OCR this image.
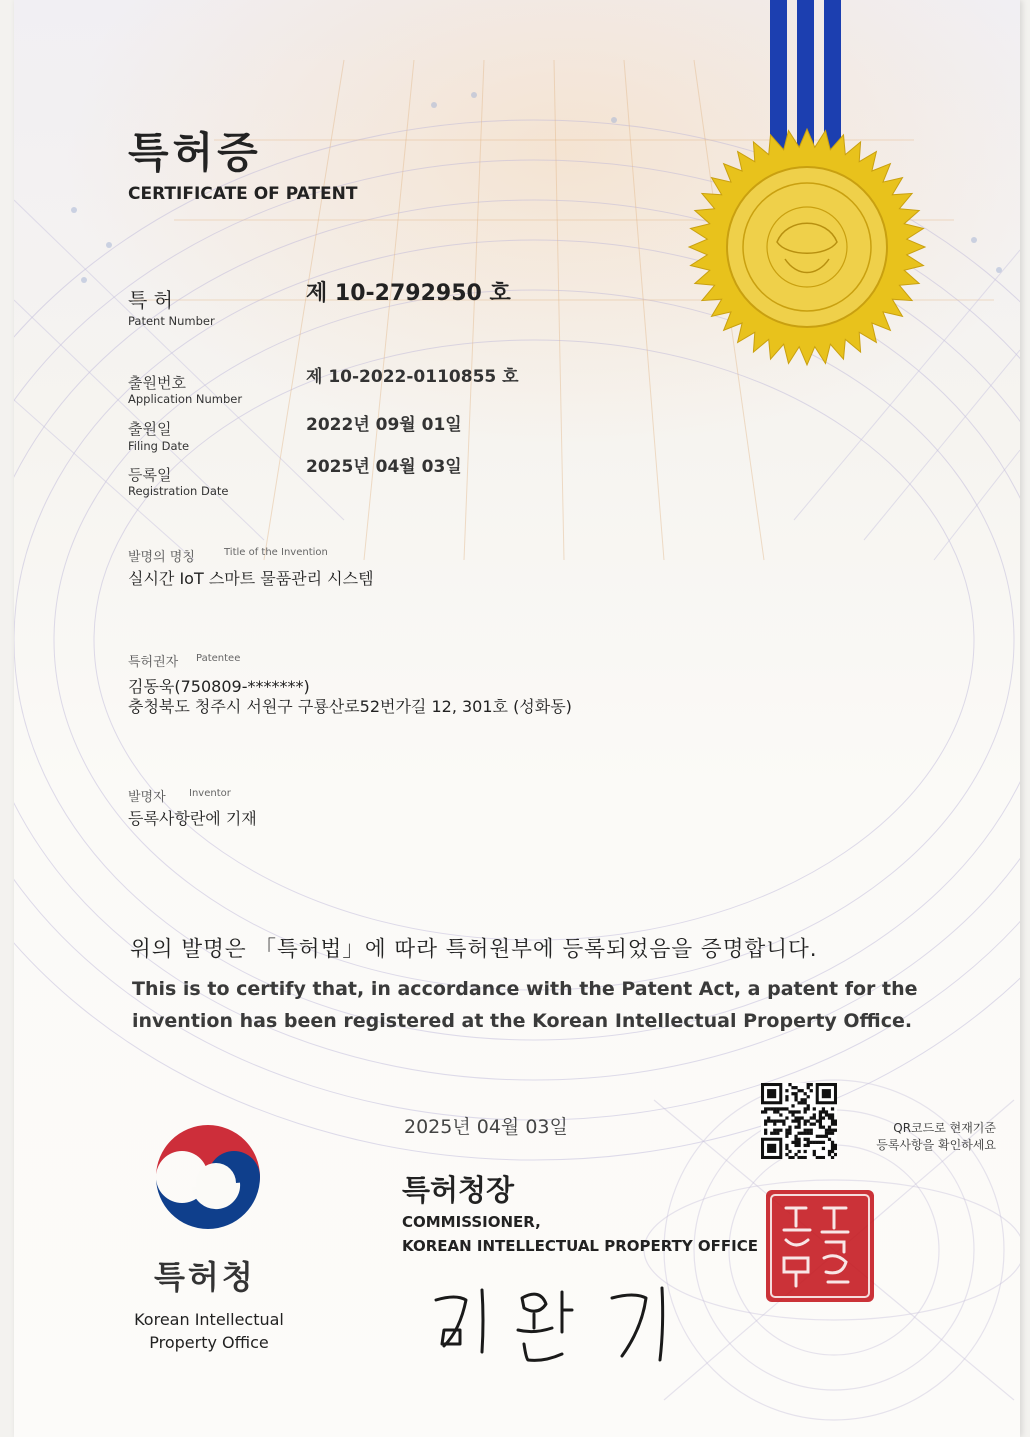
특허증
CERTIFICATE OF PATENT
특 허
Patent Number
제 10-2792950 호
출원번호
Application Number
제 10-2022-0110855 호
출원일
Filing Date
2022년 09월 01일
등록일
Registration Date
2025년 04월 03일
발명의 명칭	Title of the Invention
실시간 IoT 스마트 물품관리 시스템
특허권자 Patentee
김동욱(750809-*******)
충청북도 청주시 서원구 구룡산로52번가길 12, 301호 (성화동)
발명자 Inventor
등록사항란에 기재
위의 발명은 「특허법」에 따라 특허원부에 등록되었음을 증명합니다.
This is to certify that, in accordance with the Patent Act, a patent for the
invention has been registered at the Korean Intellectual Property Office.
2025년 04월 03일	QR코드로 현재기준
등록사항을 확인하세요
특허청장
COMMISSIONER,
KOREAN INTELLECTUAL PROPERTY OFFICE
특허청
Korean Intellectual
Property Office
